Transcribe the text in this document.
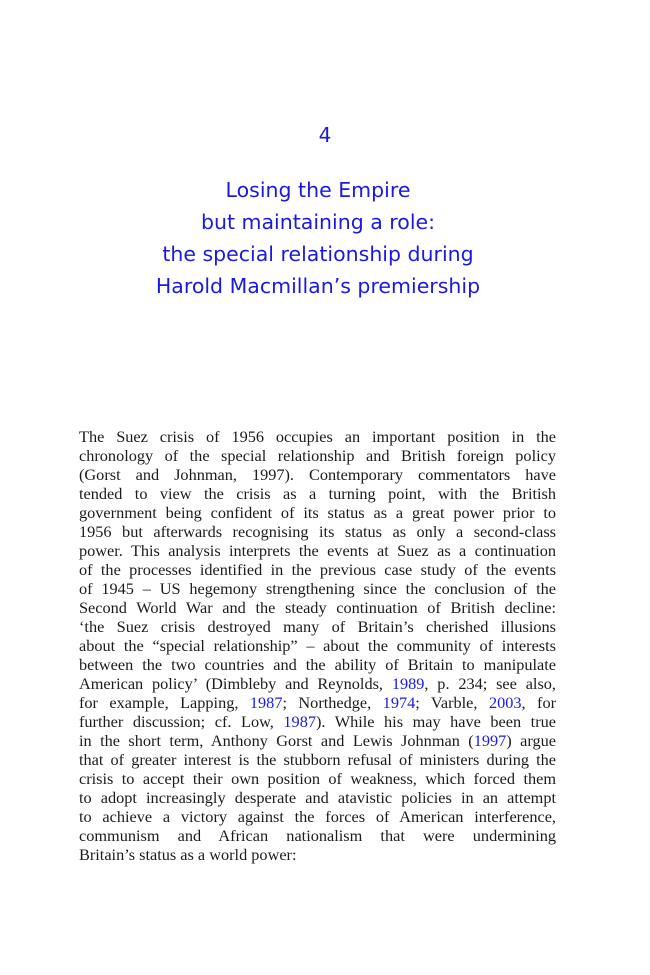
4
Losing the Empire
but maintaining a role:
the special relationship during
Harold Macmillan’s premiership
The Suez crisis of 1956 occupies an important position in the
chronology of the special relationship and British foreign policy
(Gorst and Johnman, 1997). Contemporary commentators have
tended to view the crisis as a turning point, with the British
government being confident of its status as a great power prior to
1956 but afterwards recognising its status as only a second-class
power. This analysis interprets the events at Suez as a continuation
of the processes identified in the previous case study of the events
of 1945 – US hegemony strengthening since the conclusion of the
Second World War and the steady continuation of British decline:
‘the Suez crisis destroyed many of Britain’s cherished illusions
about the “special relationship” – about the community of interests
between the two countries and the ability of Britain to manipulate
American policy’ (Dimbleby and Reynolds, 1989, p. 234; see also,
for example, Lapping, 1987; Northedge, 1974; Varble, 2003, for
further discussion; cf. Low, 1987). While his may have been true
in the short term, Anthony Gorst and Lewis Johnman (1997) argue
that of greater interest is the stubborn refusal of ministers during the
crisis to accept their own position of weakness, which forced them
to adopt increasingly desperate and atavistic policies in an attempt
to achieve a victory against the forces of American interference,
communism and African nationalism that were undermining
Britain’s status as a world power:
